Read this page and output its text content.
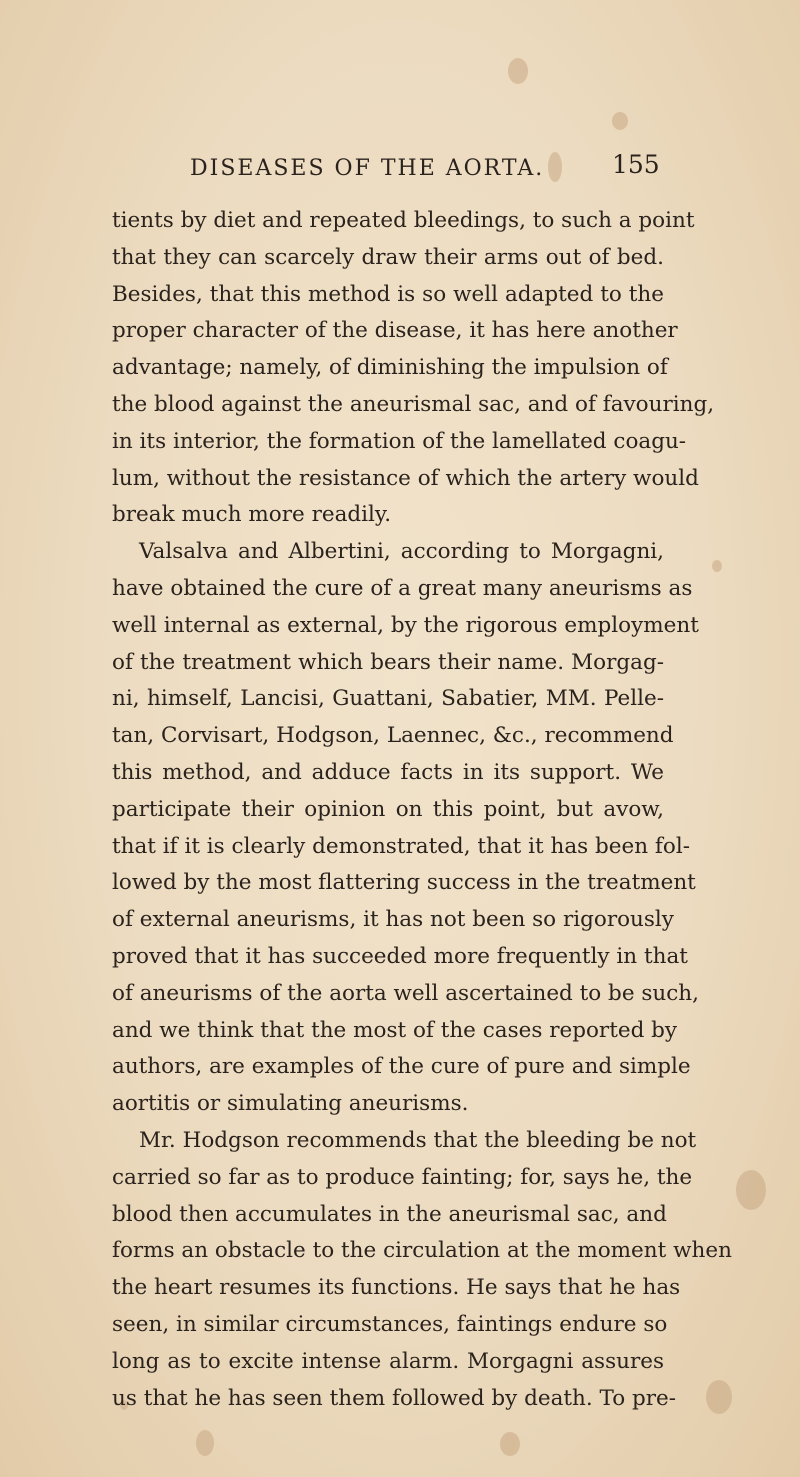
DISEASES OF THE AORTA.	155
tients by diet and repeated bleedings, to such a point
that they can scarcely draw their arms out of bed.
Besides, that this method is so well adapted to the
proper character of the disease, it has here another
advantage; namely, of diminishing the impulsion of
the blood against the aneurismal sac, and of favouring,
in its interior, the formation of the lamellated coagu-
lum, without the resistance of which the artery would
break much more readily.
Valsalva and Albertini, according to Morgagni,
have obtained the cure of a great many aneurisms as
well internal as external, by the rigorous employment
of the treatment which bears their name. Morgag-
ni, himself, Lancisi, Guattani, Sabatier, MM. Pelle-
tan, Corvisart, Hodgson, Laennec, &c., recommend
this method, and adduce facts in its support. We
participate their opinion on this point, but avow,
that if it is clearly demonstrated, that it has been fol-
lowed by the most flattering success in the treatment
of external aneurisms, it has not been so rigorously
proved that it has succeeded more frequently in that
of aneurisms of the aorta well ascertained to be such,
and we think that the most of the cases reported by
authors, are examples of the cure of pure and simple
aortitis or simulating aneurisms.
Mr. Hodgson recommends that the bleeding be not
carried so far as to produce fainting; for, says he, the
blood then accumulates in the aneurismal sac, and
forms an obstacle to the circulation at the moment when
the heart resumes its functions. He says that he has
seen, in similar circumstances, faintings endure so
long as to excite intense alarm. Morgagni assures
us that he has seen them followed by death. To pre-
